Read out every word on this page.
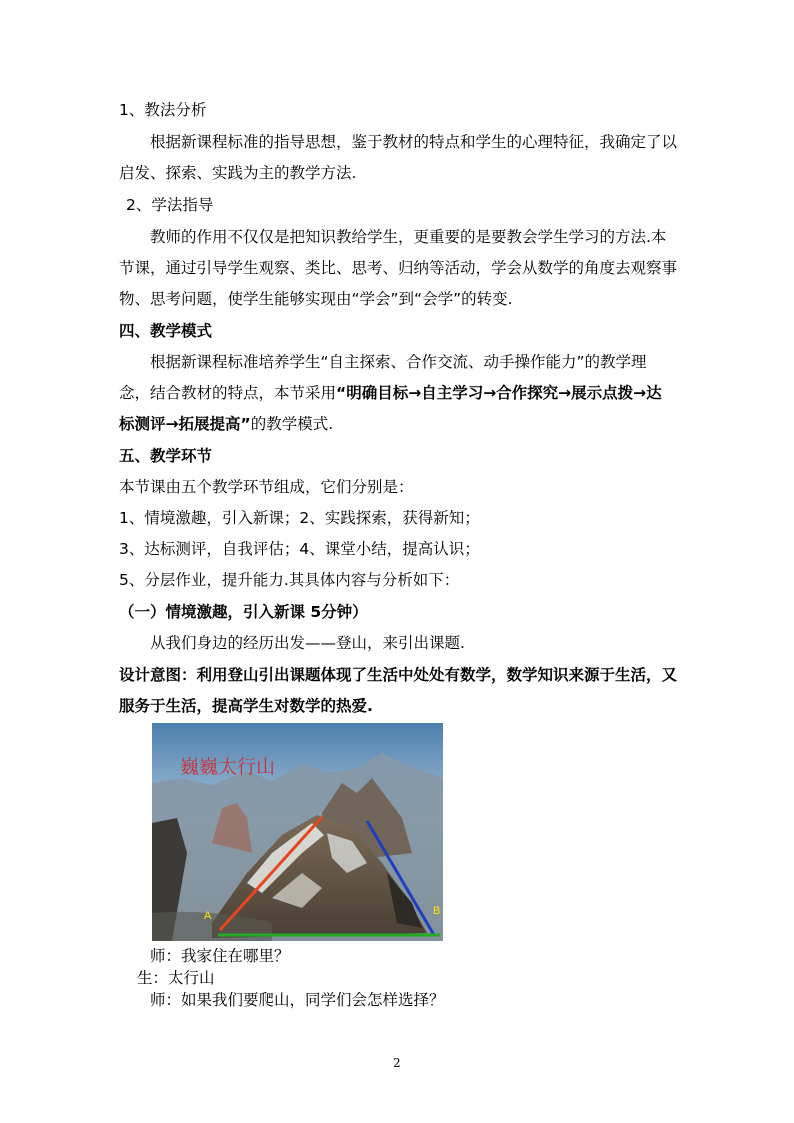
1、教法分析
根据新课程标准的指导思想，鉴于教材的特点和学生的心理特征，我确定了以
启发、探索、实践为主的教学方法.
2、学法指导
教师的作用不仅仅是把知识教给学生，更重要的是要教会学生学习的方法.本
节课，通过引导学生观察、类比、思考、归纳等活动，学会从数学的角度去观察事
物、思考问题，使学生能够实现由“学会”到“会学”的转变.
四、教学模式
根据新课程标准培养学生“自主探索、合作交流、动手操作能力”的教学理
念，结合教材的特点，本节采用“明确目标→自主学习→合作探究→展示点拨→达
标测评→拓展提高”的教学模式.
五、教学环节
本节课由五个教学环节组成，它们分别是：
1、情境激趣，引入新课；2、实践探索，获得新知；
3、达标测评，自我评估；4、课堂小结，提高认识；
5、分层作业，提升能力.其具体内容与分析如下：
（一）情境激趣，引入新课 5分钟）
从我们身边的经历出发——登山，来引出课题.
设计意图：利用登山引出课题体现了生活中处处有数学，数学知识来源于生活，又
服务于生活，提高学生对数学的热爱.
A	B
巍巍太行山
师：我家住在哪里？
生：太行山
师：如果我们要爬山，同学们会怎样选择？
2
